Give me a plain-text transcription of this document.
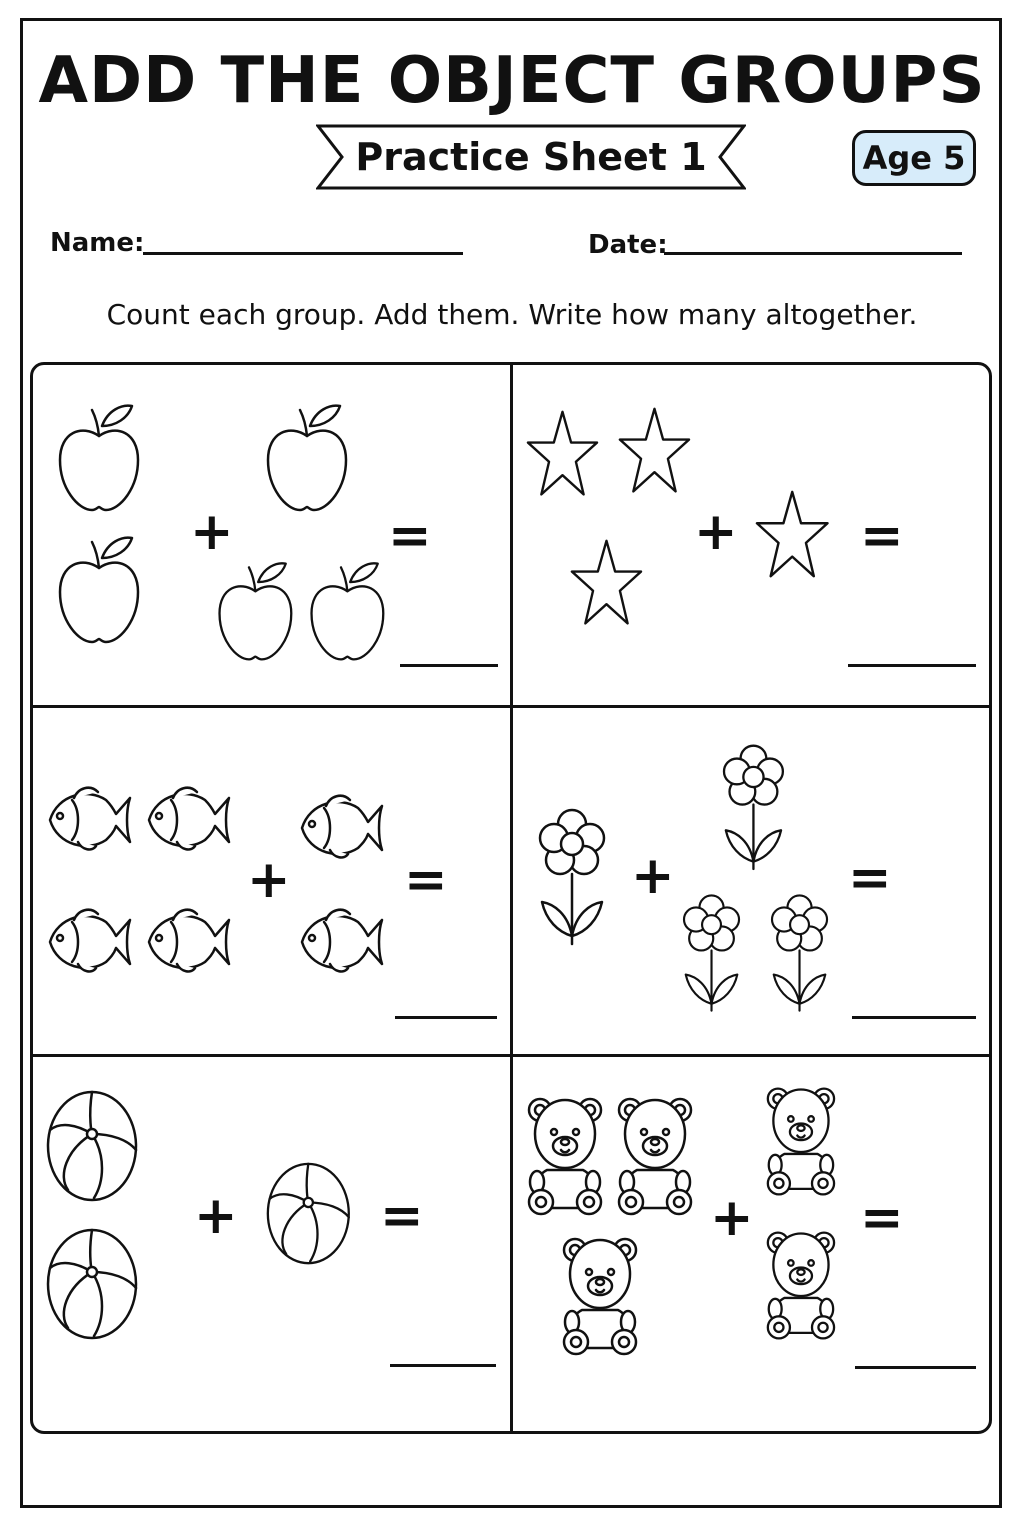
ADD THE OBJECT GROUPS
Practice Sheet 1	Age 5
Name:	Date:
Count each group. Add them. Write how many altogether.
+	=	+ =
+ =	+	=
+	=	+ =
